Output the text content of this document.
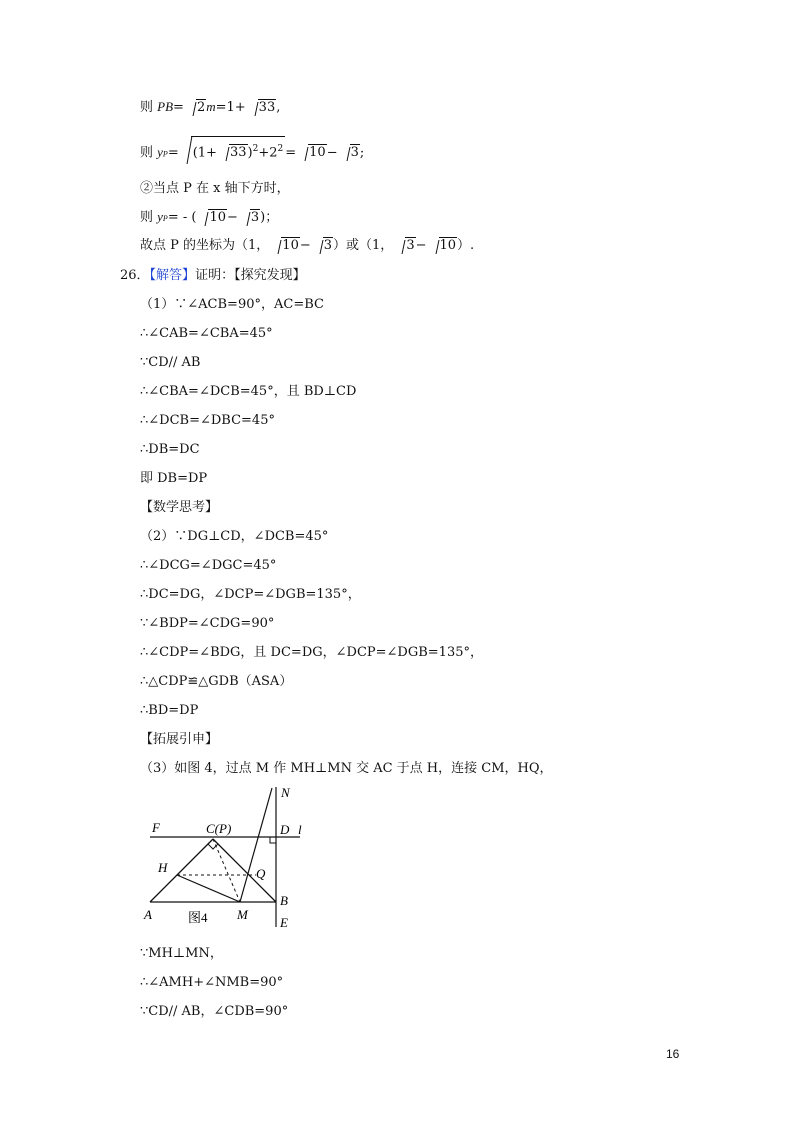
则 PB= 2m=1+ 33,
则 $yP= (1+ 33)^2+2^2 = 10- 3$;
②当点 P 在 x 轴下方时，
则 yP= - ( 10− 3)；
故点 P 的坐标为（1， 10− 3）或（1， 3− 10）.
26．【解答】证明：【探究发现】
（1）∵∠ACB=90°，AC=BC
∴∠CAB=∠CBA=45°
∵CD// AB
∴∠CBA=∠DCB=45°，且 BD⊥CD
∴∠DCB=∠DBC=45°
∴DB=DC
即 DB=DP
【数学思考】
（2）∵DG⊥CD，∠DCB=45°
∴∠DCG=∠DGC=45°
∴DC=DG，∠DCP=∠DGB=135°，
∵∠BDP=∠CDG=90°
∴∠CDP=∠BDG，且 DC=DG，∠DCP=∠DGB=135°，
∴△CDP≌△GDB（ASA）
∴BD=DP
【拓展引申】
（3）如图 4，过点 M 作 MH⊥MN 交 AC 于点 H，连接 CM，HQ，
N
F	C(P)	D l
H	Q
B
A	M
E
图4
∵MH⊥MN，
∴∠AMH+∠NMB=90°
∵CD// AB，∠CDB=90°
16
